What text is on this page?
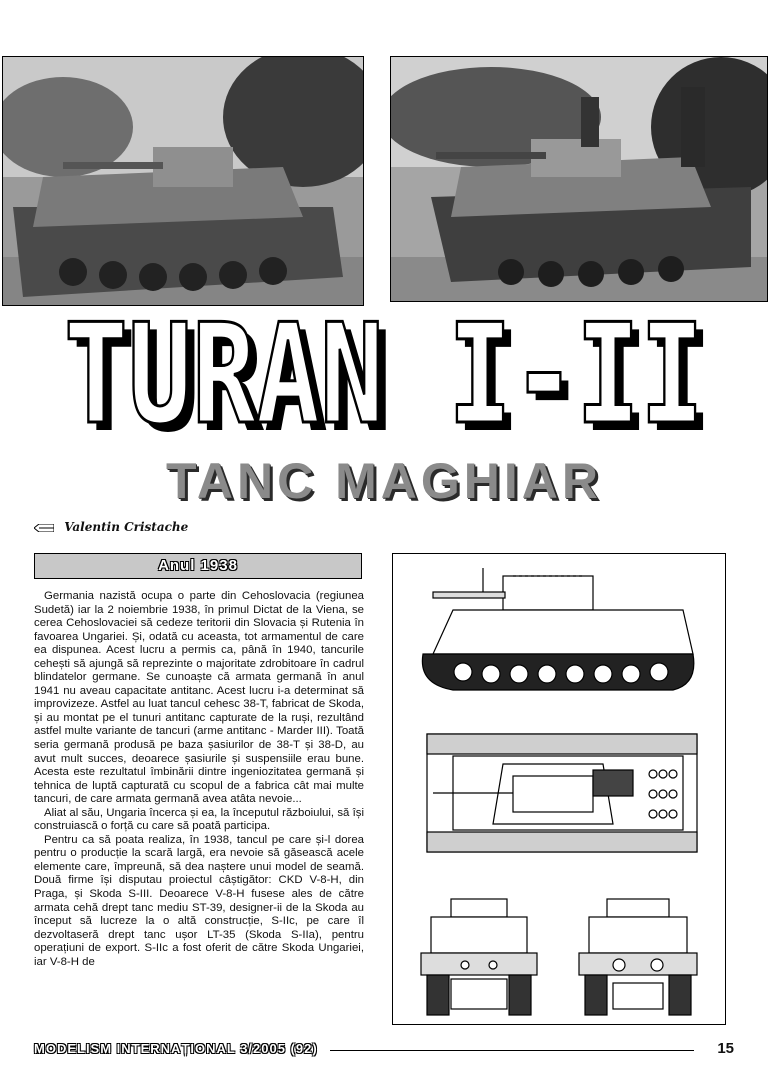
TURAN I-II
TURAN I-II
TANC MAGHIAR
Valentin Cristache
Anul 1938

Germania nazistă ocupa o parte din Cehoslovacia (regiunea Sudetă) iar la 2 noiembrie 1938, în primul Dictat de la Viena, se cerea Cehoslovaciei să cedeze teritorii din Slovacia și Rutenia în favoarea Ungariei. Și, odată cu aceasta, tot armamentul de care ea dispunea. Acest lucru a permis ca, până în 1940, tancurile cehești să ajungă să reprezinte o majoritate zdrobitoare în cadrul blindatelor germane. Se cunoaște că armata germană în anul 1941 nu aveau capacitate antitanc. Acest lucru i-a determinat să improvizeze. Astfel au luat tancul cehesc 38-T, fabricat de Skoda, și au montat pe el tunuri antitanc capturate de la ruși, rezultând astfel multe variante de tancuri (arme antitanc - Marder III). Toată seria germană produsă pe baza șasiurilor de 38-T și 38-D, au avut mult succes, deoarece șasiurile și suspensiile erau bune. Acesta este rezultatul îmbinării dintre ingeniozitatea germană și tehnica de luptă capturată cu scopul de a fabrica cât mai multe tancuri, de care armata germană avea atâta nevoie...

Aliat al său, Ungaria încerca și ea, la începutul războiului, să își construiască o forță cu care să poată participa.

Pentru ca să poata realiza, în 1938, tancul pe care și-l dorea pentru o producție la scară largă, era nevoie să găsească acele elemente care, împreună, să dea naștere unui model de seamă. Două firme își disputau proiectul câștigător: CKD V-8-H, din Praga, și Skoda S-III. Deoarece V-8-H fusese ales de către armata cehă drept tanc mediu ST-39, designer-ii de la Skoda au început să lucreze la o altă construcție, S-IIc, pe care îl dezvoltaseră drept tanc ușor LT-35 (Skoda S-IIa), pentru operațiuni de export. S-IIc a fost oferit de către Skoda Ungariei, iar V-8-H de

MODELISM INTERNAȚIONAL 3/2005 (92)	15
